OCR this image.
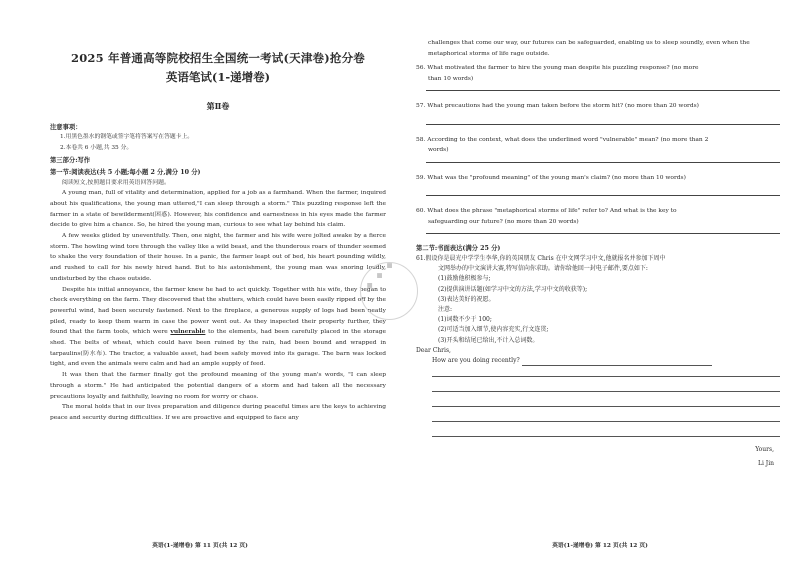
2025 年普通高等院校招生全国统一考试(天津卷)抢分卷
英语笔试(1-递增卷)
第Ⅱ卷
注意事项：
1.用黑色墨水的钢笔或签字笔将答案写在答题卡上。
2.本卷共 6 小题,共 35 分。
第三部分:写作
第一节:阅读表达(共 5 小题;每小题 2 分,满分 10 分)

阅读短文,按照题目要求用英语回答问题。

A young man, full of vitality and determination, applied for a job as a farmhand. When the farmer, inquired about his qualifications, the young man uttered,"I can sleep through a storm." This puzzling response left the farmer in a state of bewilderment(困惑). However, his confidence and earnestness in his eyes made the farmer decide to give him a chance. So, he hired the young man, curious to see what lay behind his claim.

A few weeks glided by uneventfully. Then, one night, the farmer and his wife were jolted awake by a fierce storm. The howling wind tore through the valley like a wild beast, and the thunderous roars of thunder seemed to shake the very foundation of their house. In a panic, the farmer leapt out of bed, his heart pounding wildly, and rushed to call for his newly hired hand. But to his astonishment, the young man was snoring loudly, undisturbed by the chaos outside.

Despite his initial annoyance, the farmer knew he had to act quickly. Together with his wife, they began to check everything on the farm. They discovered that the shutters, which could have been easily ripped off by the powerful wind, had been securely fastened. Next to the fireplace, a generous supply of logs had been neatly piled, ready to keep them warm in case the power went out. As they inspected their property further, they found that the farm tools, which were vulnerable to the elements, had been carefully placed in the storage shed. The belts of wheat, which could have been ruined by the rain, had been bound and wrapped in tarpaulins(防水布). The tractor, a valuable asset, had been safely moved into its garage. The barn was locked tight, and even the animals were calm and had an ample supply of feed.

It was then that the farmer finally got the profound meaning of the young man's words, "I can sleep through a storm." He had anticipated the potential dangers of a storm and had taken all the necessary precautions loyally and faithfully, leaving no room for worry or chaos.

The moral holds that in our lives preparation and diligence during peaceful times are the keys to achieving peace and security during difficulties. If we are proactive and equipped to face any

英语(1-递增卷) 第 11 页(共 12 页)
◆ ◆ ◆

challenges that come our way, our futures can be safeguarded, enabling us to sleep soundly, even when the metaphorical storms of life rage outside.

56. What motivated the farmer to hire the young man despite his puzzling response? (no more

than 10 words)

57. What precautions had the young man taken before the storm hit? (no more than 20 words)

58. According to the context, what does the underlined word "vulnerable" mean? (no more than 2

words)

59. What was the "profound meaning" of the young man's claim? (no more than 10 words)

60. What does the phrase "metaphorical storms of life" refer to? And what is the key to

safeguarding our future? (no more than 20 words)

第二节:书面表达(满分 25 分)

61.假设你是晨光中学学生李华,你的英国朋友 Chris 在中文网学习中文,他就报名并参加下周中

文网举办的中文演讲大赛,特写信向你求助。请你给他回一封电子邮件,要点如下:

(1)鼓励他积极参与;

(2)提供演讲话题(如学习中文的方法,学习中文的收获等);

(3)表达美好的祝愿。

注意:

(1)词数不少于 100;

(2)可适当加入细节,使内容充实,行文连贯;

(3)开头和结尾已给出,不计入总词数。

Dear Chris,

How are you doing recently?

Yours,

Li Jin

英语(1-递增卷) 第 12 页(共 12 页)
